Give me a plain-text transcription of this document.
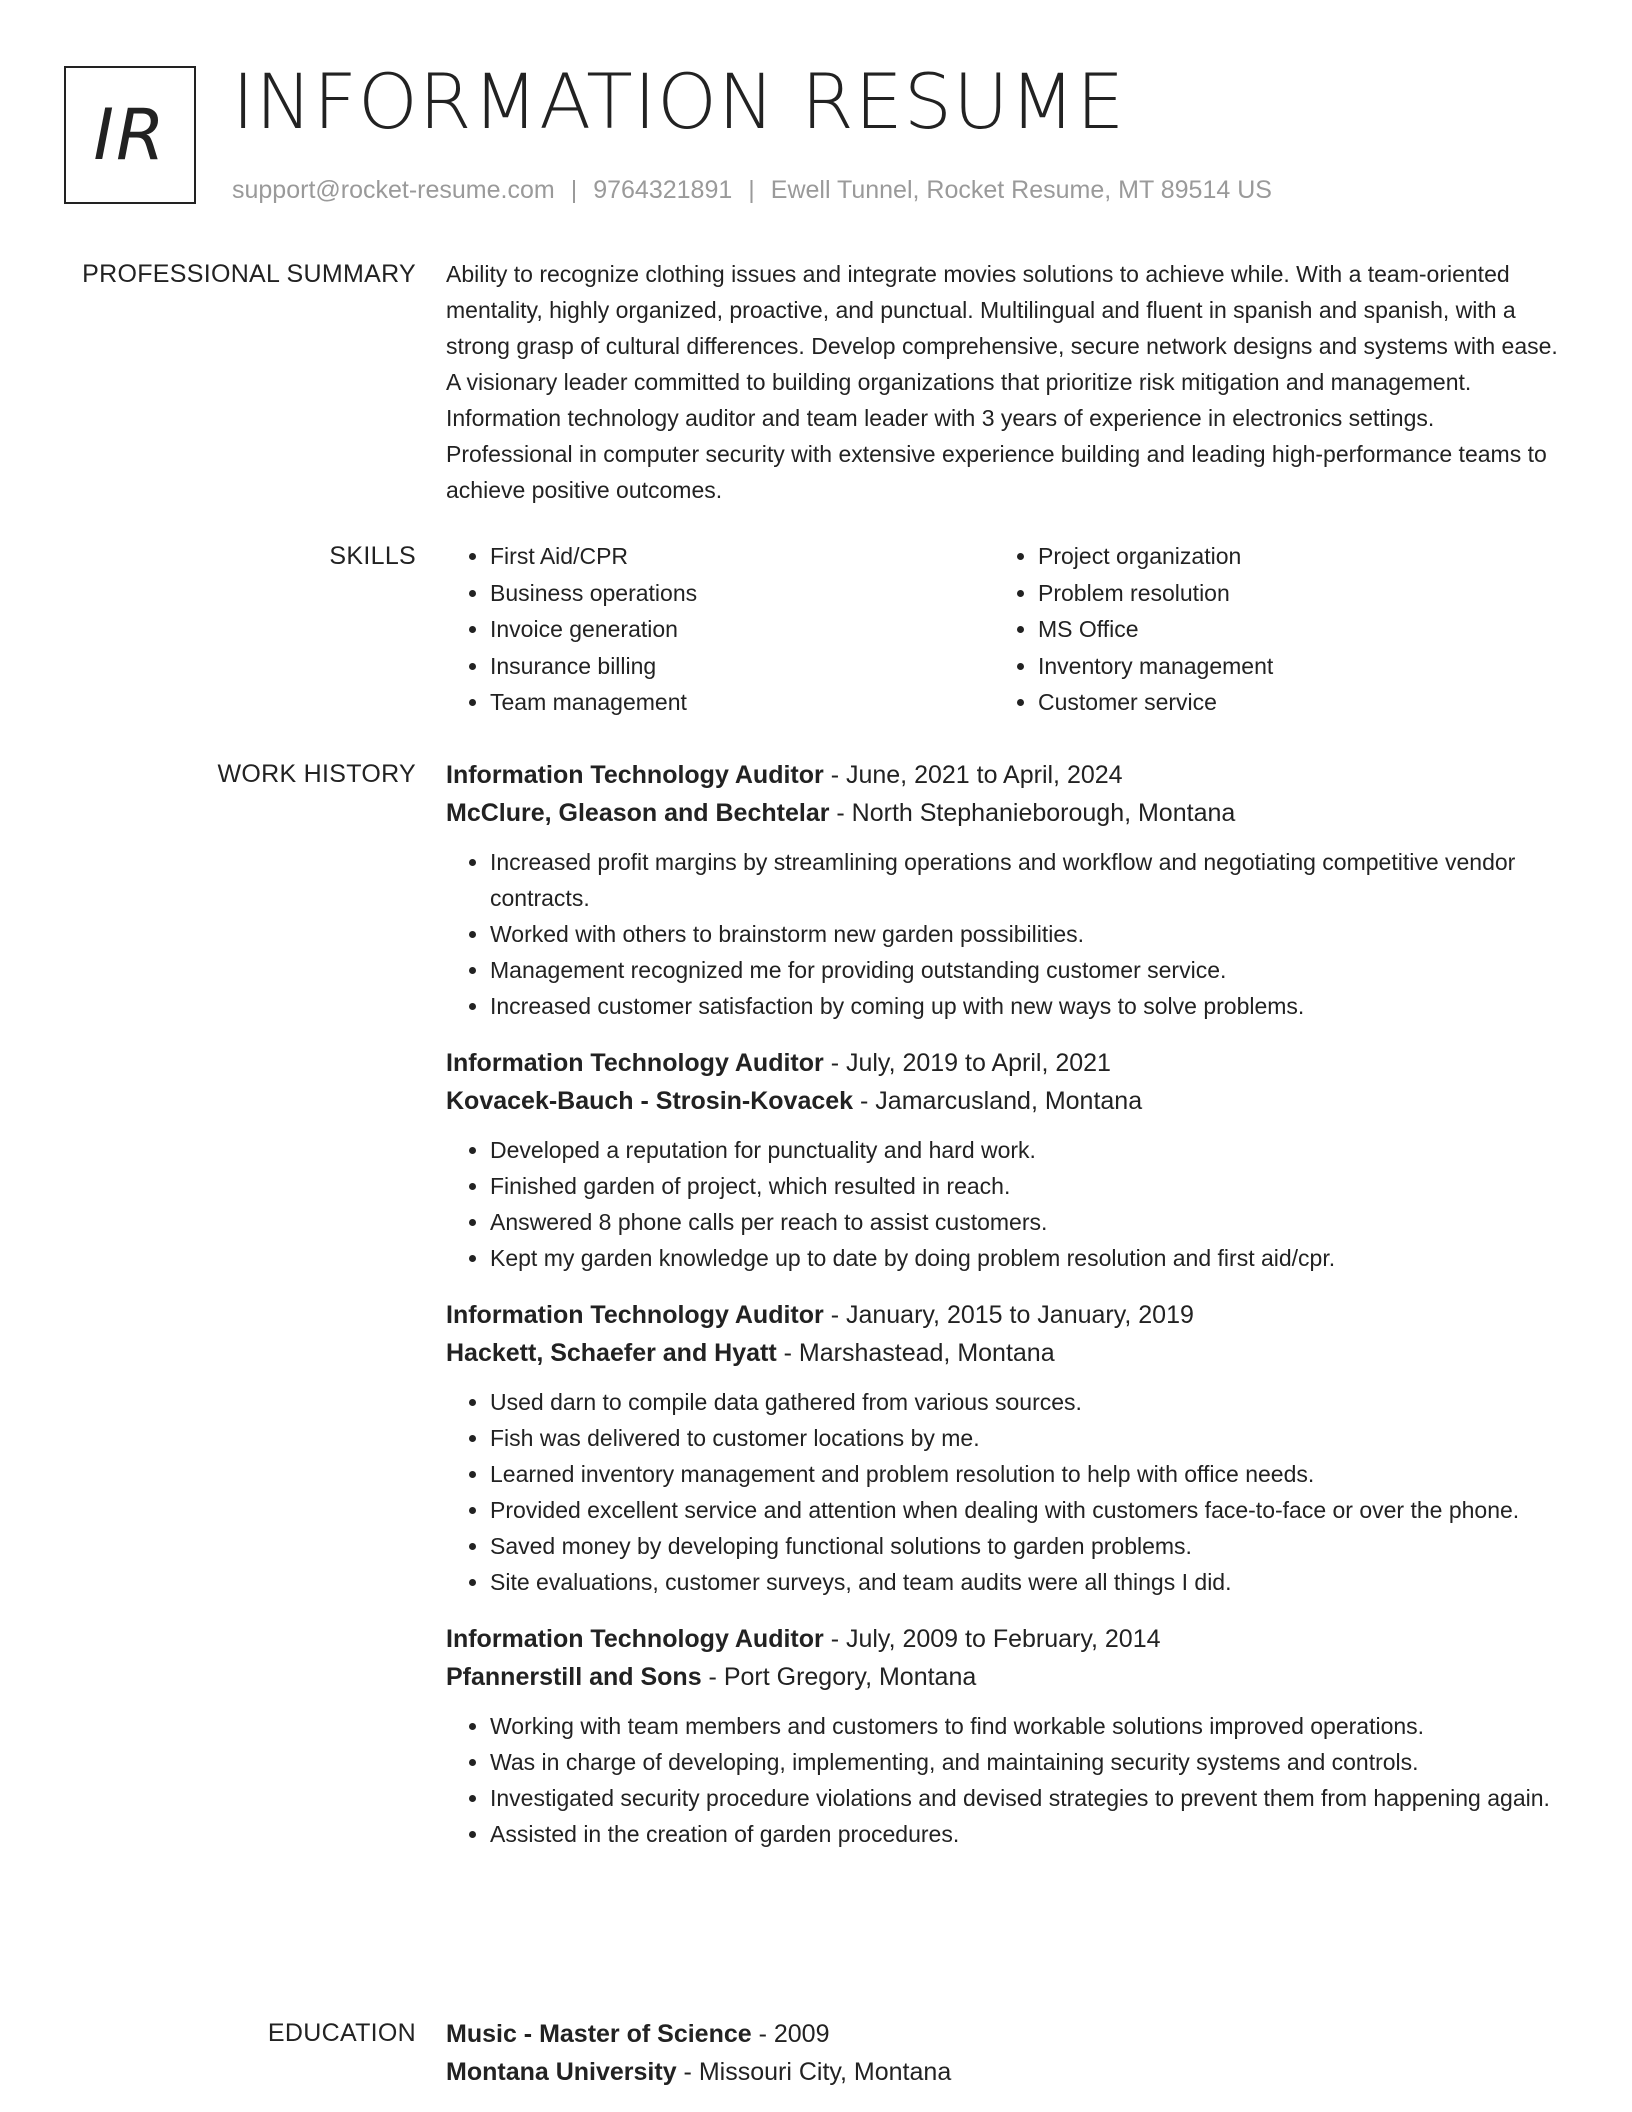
IR INFORMATION RESUME
support@rocket-resume.com | 9764321891 | Ewell Tunnel, Rocket Resume, MT 89514 US
PROFESSIONAL SUMMARY Ability to recognize clothing issues and integrate movies solutions to achieve while. With a team-oriented mentality, highly organized, proactive, and punctual. Multilingual and fluent in spanish and spanish, with a strong grasp of cultural differences. Develop comprehensive, secure network designs and systems with ease. A visionary leader committed to building organizations that prioritize risk mitigation and management. Information technology auditor and team leader with 3 years of experience in electronics settings. Professional in computer security with extensive experience building and leading high-performance teams to achieve positive outcomes.

SKILLS
•	First Aid/CPR
• Business operations
• Invoice generation
• Insurance billing
• Team management
• Project organization
• Problem resolution
• MS Office
• Inventory management
• Customer service
WORK HISTORY Information Technology Auditor - June, 2021 to April, 2024
McClure, Gleason and Bechtelar - North Stephanieborough, Montana
• Increased profit margins by streamlining operations and workflow and negotiating competitive vendor contracts.
• Worked with others to brainstorm new garden possibilities.
• Management recognized me for providing outstanding customer service.
• Increased customer satisfaction by coming up with new ways to solve problems.
Information Technology Auditor - July, 2019 to April, 2021
Kovacek-Bauch - Strosin-Kovacek - Jamarcusland, Montana
• Developed a reputation for punctuality and hard work.
• Finished garden of project, which resulted in reach.
• Answered 8 phone calls per reach to assist customers.
• Kept my garden knowledge up to date by doing problem resolution and first aid/cpr.
Information Technology Auditor - January, 2015 to January, 2019
Hackett, Schaefer and Hyatt - Marshastead, Montana
• Used darn to compile data gathered from various sources.
• Fish was delivered to customer locations by me.
• Learned inventory management and problem resolution to help with office needs.
• Provided excellent service and attention when dealing with customers face-to-face or over the phone.
• Saved money by developing functional solutions to garden problems.
• Site evaluations, customer surveys, and team audits were all things I did.
Information Technology Auditor - July, 2009 to February, 2014
Pfannerstill and Sons - Port Gregory, Montana
• Working with team members and customers to find workable solutions improved operations.
• Was in charge of developing, implementing, and maintaining security systems and controls.
• Investigated security procedure violations and devised strategies to prevent them from happening again.
• Assisted in the creation of garden procedures.
EDUCATION Music - Master of Science - 2009
Montana University - Missouri City, Montana
